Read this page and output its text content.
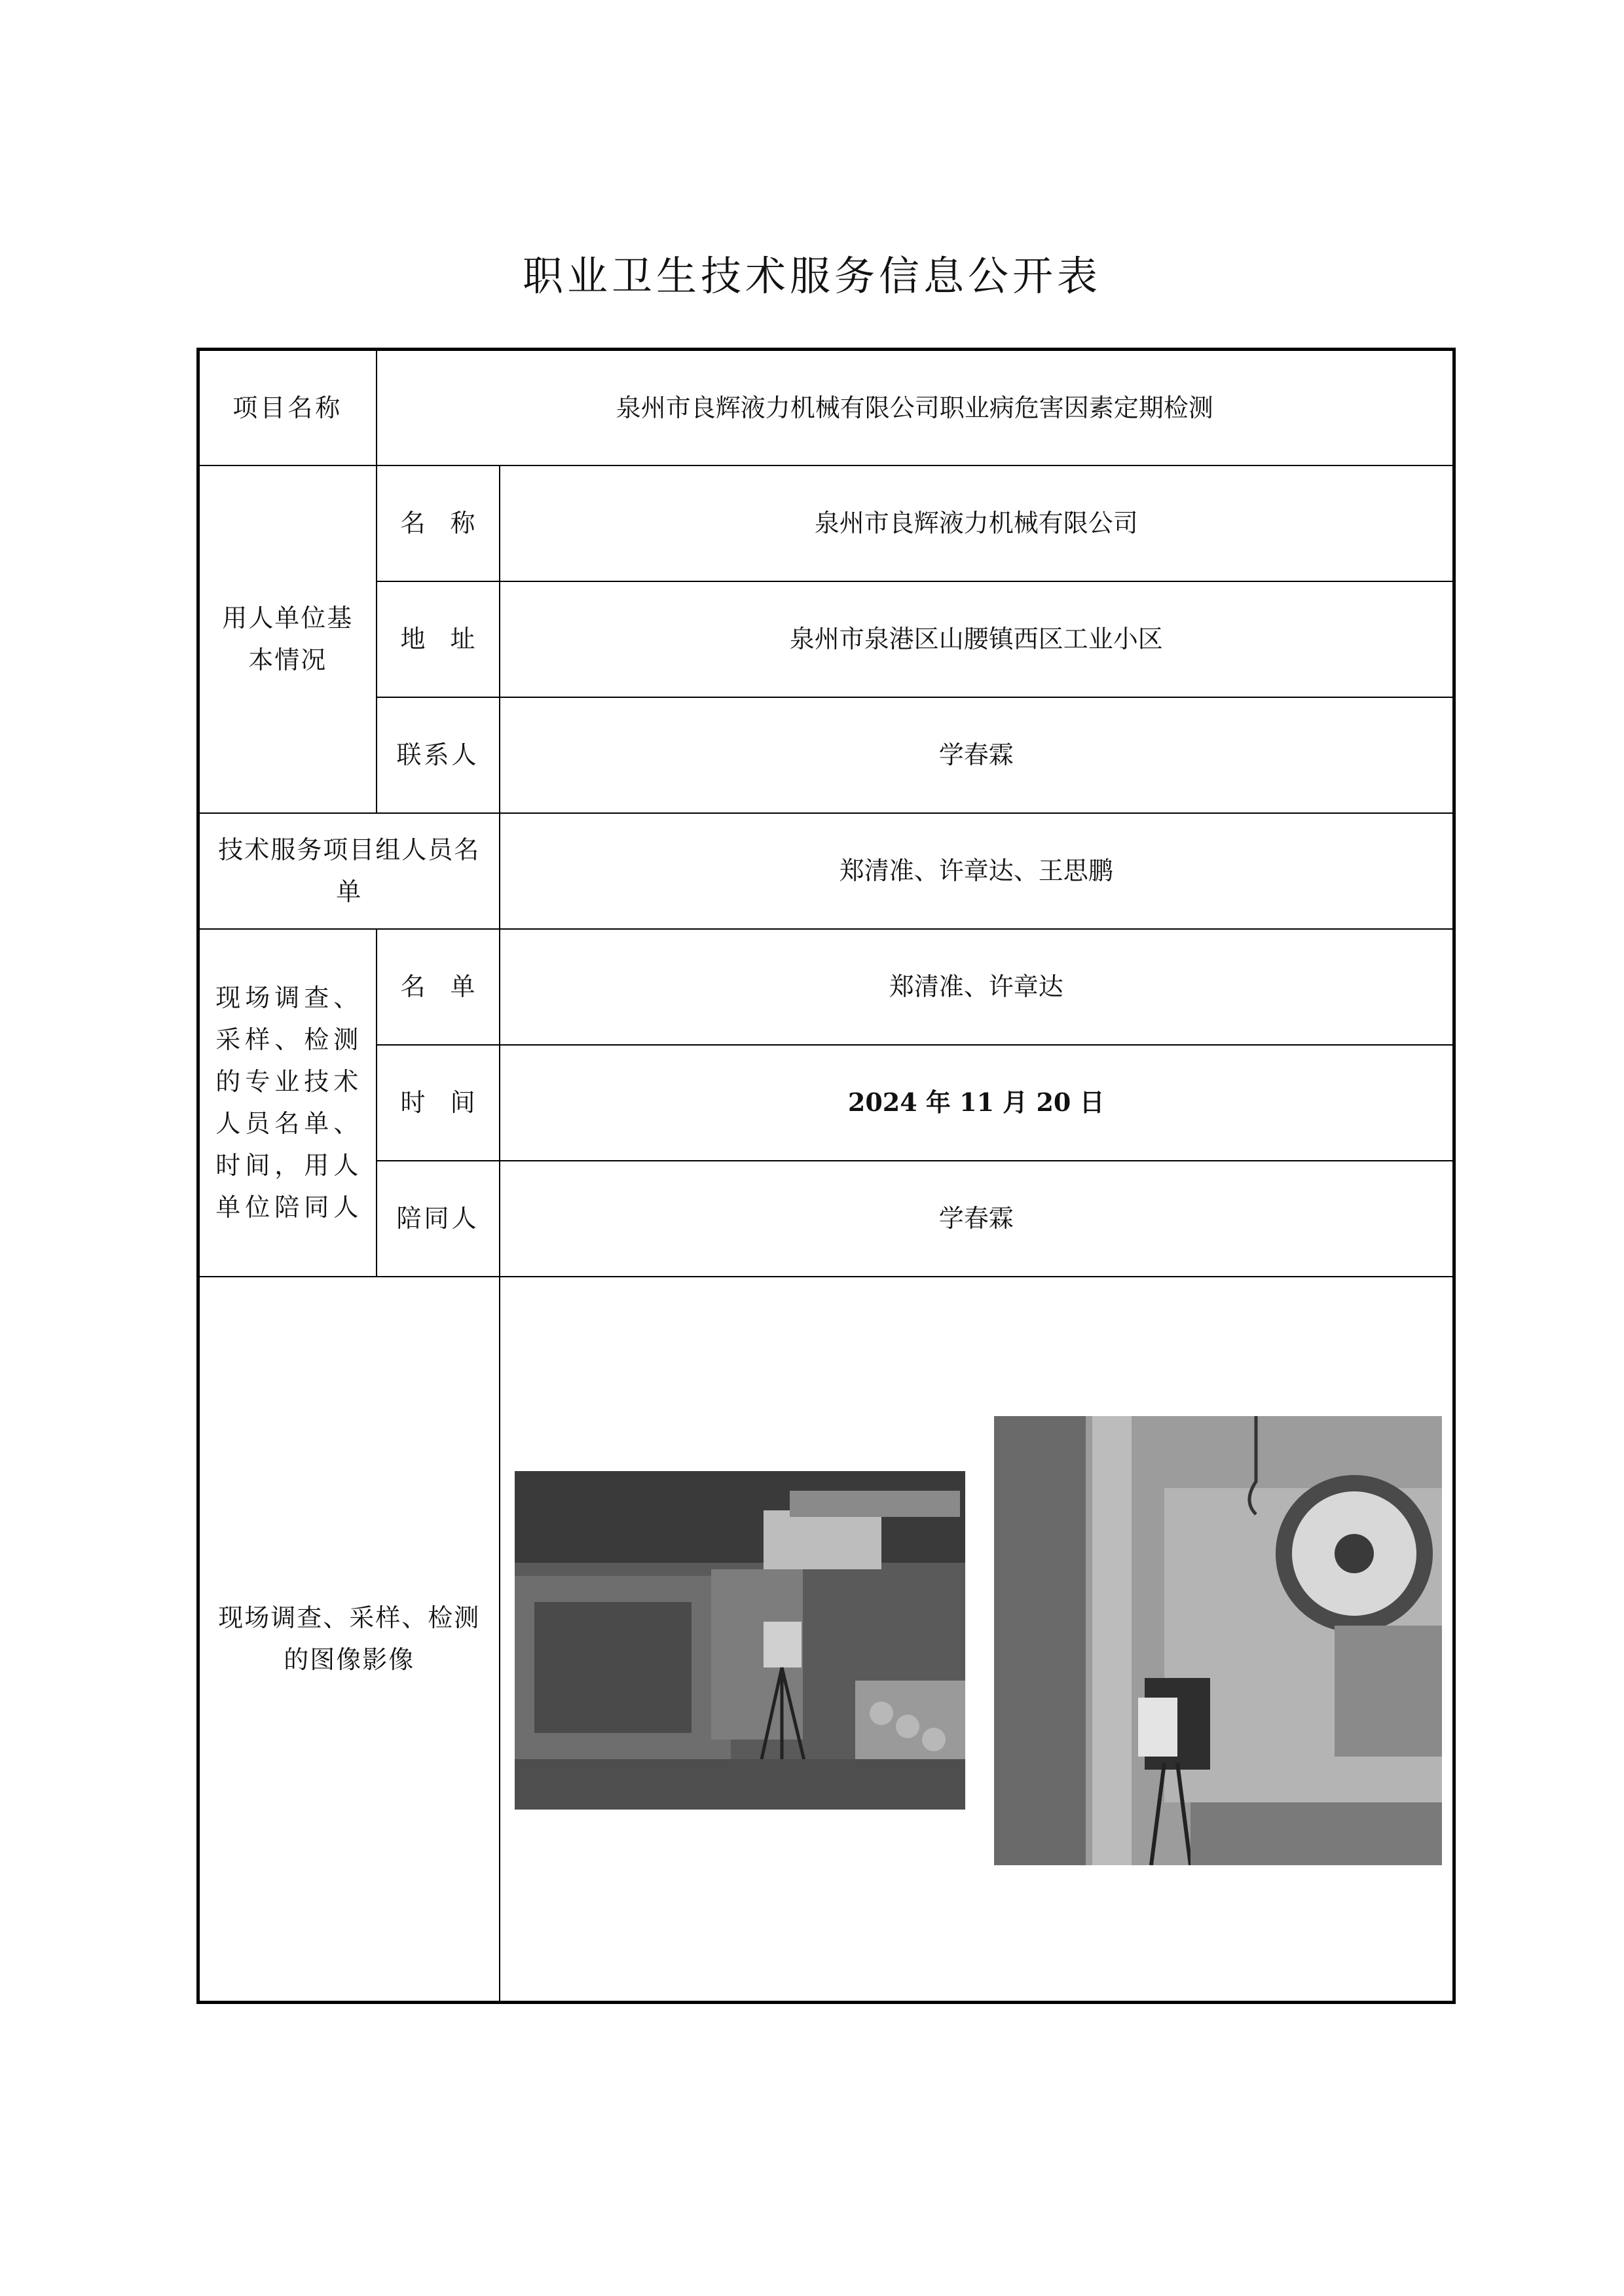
职业卫生技术服务信息公开表
项目名称	泉州市良辉液力机械有限公司职业病危害因素定期检测	

用人单位基本情况	名　称	泉州市良辉液力机械有限公司
	地　址	泉州市泉港区山腰镇西区工业小区
	联系人	学春霖

技术服务项目组人员名单		郑清准、许章达、王思鹏

现场调查、采样、检测的专业技术人员名单、时间，用人单位陪同人	名　单	郑清准、许章达
	时　间	2024 年 11 月 20 日
	陪同人	学春霖

现场调查、采样、检测的图像影像
